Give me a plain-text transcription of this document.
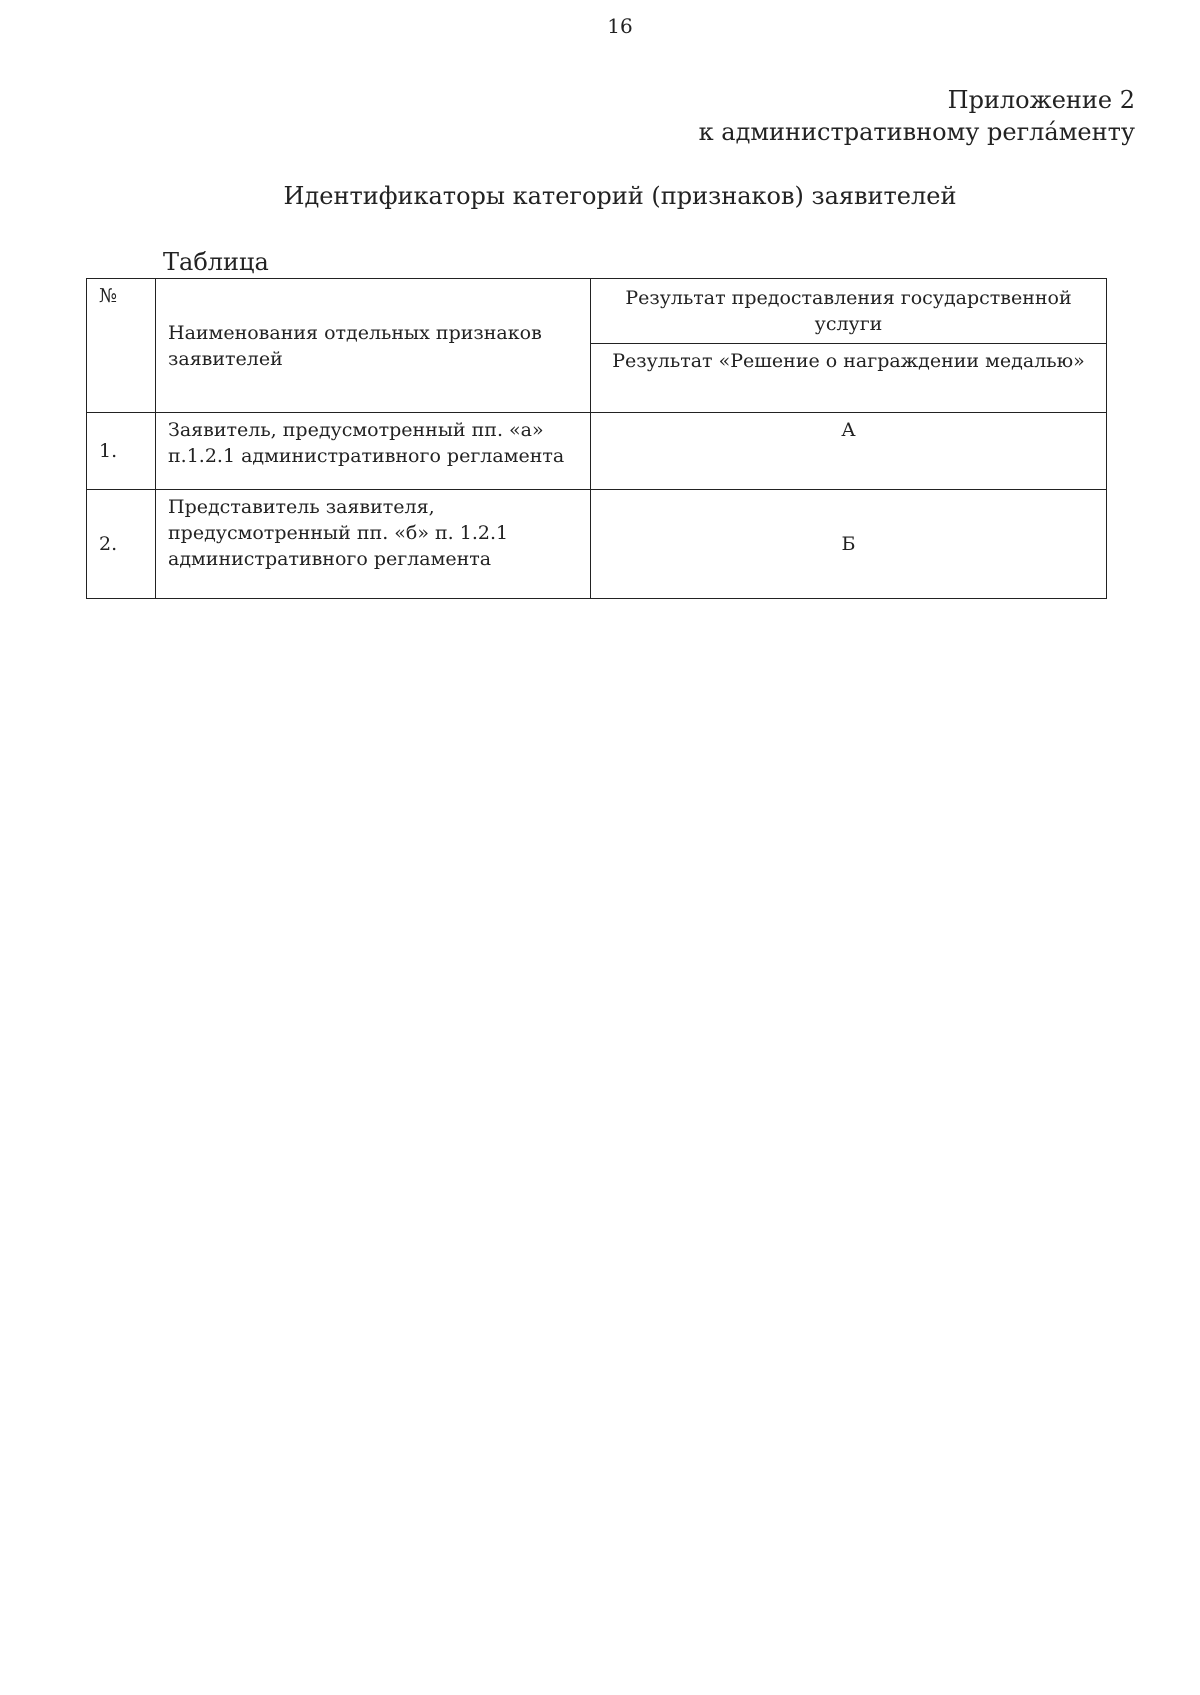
16
Приложение 2
к административному регла́менту
Идентификаторы категорий (признаков) заявителей
Таблица
№	Наименования отдельных признаков заявителей	Результат предоставления государственной услуги
		Результат «Решение о награждении медалью»
1.	Заявитель, предусмотренный пп. «а» п.1.2.1 административного регламента	А
2.	Представитель заявителя, предусмотренный пп. «б» п. 1.2.1 административного регламента	Б
